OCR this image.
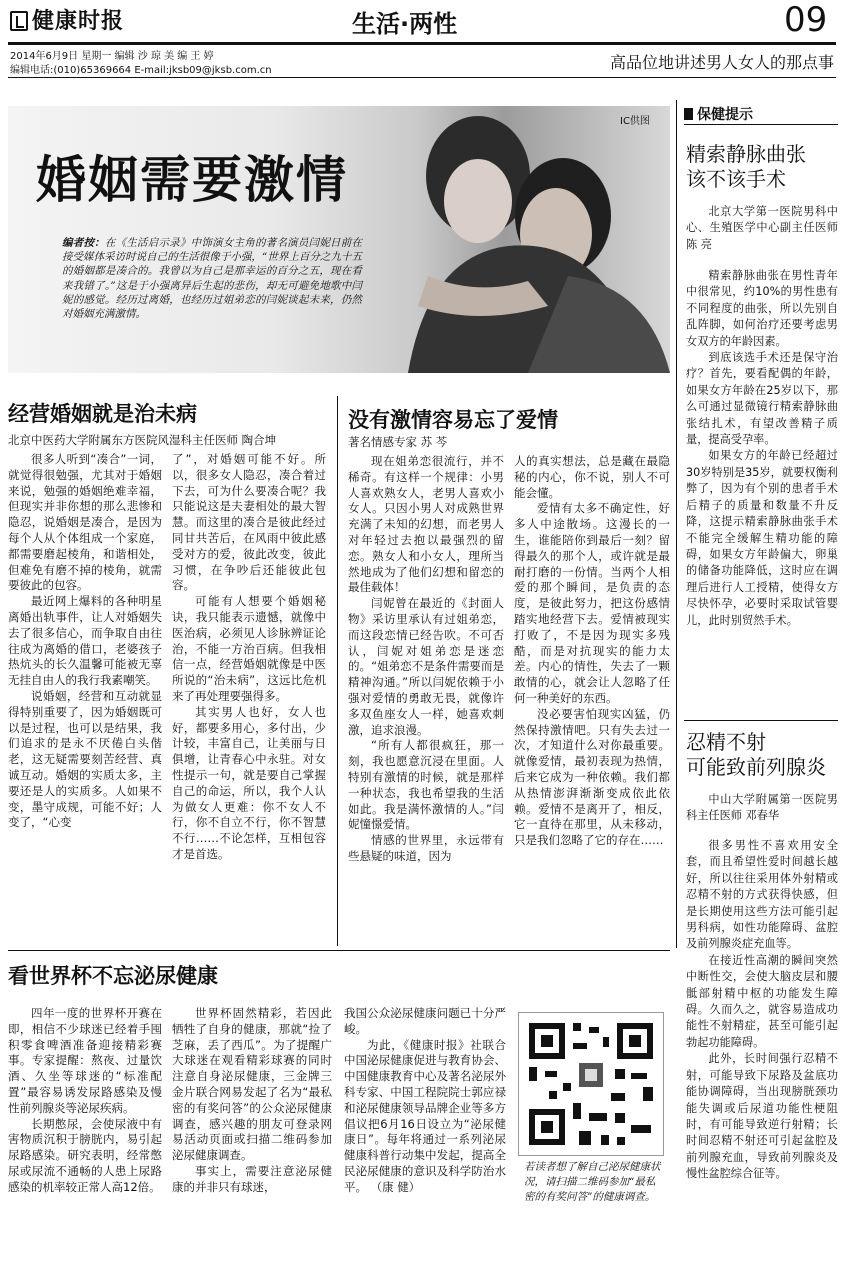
健康时报	生活·两性	09
2014年6月9日 星期一 编辑 沙 琼 美 编 王 婷
编辑电话:(010)65369664 E-mail:jksb09@jksb.com.cn	高品位地讲述男人女人的那点事
IC供图
婚姻需要激情
编者按：在《生活启示录》中饰演女主角的著名演员闫妮日前在接受媒体采访时说自己的生活很像于小强，“世界上百分之九十五的婚姻都是凑合的。我曾以为自己是那幸运的百分之五，现在看来我错了。”这是于小强离异后生起的悲伤，却无可避免地歌中闫妮的感觉。经历过离婚，也经历过姐弟恋的闫妮谈起未来，仍然对婚姻充满激情。
保健提示
精索静脉曲张
该不该手术

北京大学第一医院男科中心、生殖医学中心副主任医师 陈 亮

精索静脉曲张在男性青年中很常见，约10%的男性患有不同程度的曲张，所以先别自乱阵脚，如何治疗还要考虑男女双方的年龄因素。

到底该选手术还是保守治疗？首先，要看配偶的年龄，如果女方年龄在25岁以下，那么可通过显微镜行精索静脉曲张结扎术，有望改善精子质量，提高受孕率。

如果女方的年龄已经超过30岁特别是35岁，就要权衡利弊了，因为有个别的患者手术后精子的质量和数量不升反降，这提示精索静脉曲张手术不能完全缓解生精功能的障碍，如果女方年龄偏大，卵巢的储备功能降低，这时应在调理后进行人工授精，使得女方尽快怀孕，必要时采取试管婴儿，此时别贸然手术。

忍精不射
可能致前列腺炎

中山大学附属第一医院男科主任医师 邓春华

很多男性不喜欢用安全套，而且希望性爱时间越长越好，所以往往采用体外射精或忍精不射的方式获得快感，但是长期使用这些方法可能引起男科病，如性功能障碍、盆腔及前列腺炎症充血等。

在接近性高潮的瞬间突然中断性交，会使大脑皮层和腰骶部射精中枢的功能发生障碍。久而久之，就容易造成功能性不射精症，甚至可能引起勃起功能障碍。

此外，长时间强行忍精不射，可能导致下尿路及盆底功能协调障碍，当出现膀胱颈功能失调或后尿道功能性梗阻时，有可能导致逆行射精；长时间忍精不射还可引起盆腔及前列腺充血，导致前列腺炎及慢性盆腔综合征等。

经营婚姻就是治未病
北京中医药大学附属东方医院风湿科主任医师 陶合坤

很多人听到“凑合”一词，就觉得很勉强，尤其对于婚姻来说，勉强的婚姻绝难幸福，但现实并非你想的那么悲惨和隐忍，说婚姻是凑合，是因为每个人从个体组成一个家庭，都需要磨起棱角，和谐相处，但难免有磨不掉的棱角，就需要彼此的包容。

最近网上爆料的各种明星离婚出轨事件，让人对婚姻失去了很多信心，而争取自由往往成为离婚的借口，老婆孩子热炕头的长久温馨可能被无辜无挂自由人的我行我素嘲笑。

说婚姻，经营和互动就显得特别重要了，因为婚姻既可以是过程，也可以是结果，我们追求的是永不厌倦白头偕老，这无疑需要刻苦经营、真诚互动。婚姻的实质太多，主要还是人的实质多。人如果不变，墨守成规，可能不好；人变了，“心变

了”，对婚姻可能不好。所以，很多女人隐忍，凑合着过下去，可为什么要凑合呢？我只能说这是夫妻相处的最大智慧。而这里的凑合是彼此经过同甘共苦后，在风雨中彼此感受对方的爱，彼此改变，彼此习惯，在争吵后还能彼此包容。

可能有人想要个婚姻秘诀，我只能表示遗憾，就像中医治病，必须见人诊脉辨证论治，不能一方治百病。但我相信一点，经营婚姻就像是中医所说的“治未病”，这远比危机来了再处理要强得多。

其实男人也好，女人也好，都要多用心，多付出，少计较，丰富自己，让美丽与日俱增，让青春心中永驻。对女性提示一句，就是要自己掌握自己的命运，所以，我个人认为做女人更难：你不女人不行，你不自立不行，你不智慧不行……不论怎样，互相包容才是首选。

没有激情容易忘了爱情
著名情感专家 苏 芩

现在姐弟恋很流行，并不稀奇。有这样一个规律：小男人喜欢熟女人，老男人喜欢小女人。只因小男人对成熟世界充满了未知的幻想，而老男人对年轻过去抱以最强烈的留恋。熟女人和小女人，理所当然地成为了他们幻想和留恋的最佳载体！

闫妮曾在最近的《封面人物》采访里承认有过姐弟恋，而这段恋情已经告吹。不可否认，闫妮对姐弟恋是迷恋的。“姐弟恋不是条件需要而是精神沟通。”所以闫妮依赖于小强对爱情的勇敢无畏，就像许多双鱼座女人一样，她喜欢刺激，追求浪漫。

“所有人都很疯狂，那一刻，我也愿意沉浸在里面。人特别有激情的时候，就是那样一种状态，我也希望我的生活如此。我是满怀激情的人。”闫妮憧憬爱情。

情感的世界里，永远带有些悬疑的味道，因为

人的真实想法，总是藏在最隐秘的内心，你不说，别人不可能会懂。

爱情有太多不确定性，好多人中途散场。这漫长的一生，谁能陪你到最后一刻？留得最久的那个人，或许就是最耐打磨的一份情。当两个人相爱的那个瞬间，是负责的态度，是彼此努力，把这份感情踏实地经营下去。爱情被现实打败了，不是因为现实多残酷，而是对抗现实的能力太差。内心的情性，失去了一颗敢情的心，就会让人忽略了任何一种美好的东西。

没必要害怕现实凶猛，仍然保持激情吧。只有失去过一次，才知道什么对你最重要。就像爱情，最初表现为热情，后来它成为一种依赖。我们都从热情澎湃渐渐变成依此依赖。爱情不是离开了，相反，它一直待在那里，从未移动，只是我们忽略了它的存在……

看世界杯不忘泌尿健康

四年一度的世界杯开赛在即，相信不少球迷已经着手囤积零食啤酒准备迎接精彩赛事。专家提醒：熬夜、过量饮酒、久坐等球迷的“标准配置”最容易诱发尿路感染及慢性前列腺炎等泌尿疾病。

长期憋尿，会使尿液中有害物质沉积于膀胱内，易引起尿路感染。研究表明，经常憋尿或尿流不通畅的人患上尿路感染的机率较正常人高12倍。

世界杯固然精彩，若因此牺牲了自身的健康，那就“捡了芝麻，丢了西瓜”。为了提醒广大球迷在观看精彩球赛的同时注意自身泌尿健康，三金牌三金片联合网易发起了名为“最私密的有奖问答”的公众泌尿健康调查，感兴趣的朋友可登录网易活动页面或扫描二维码参加泌尿健康调查。

事实上，需要注意泌尿健康的并非只有球迷，

我国公众泌尿健康问题已十分严峻。

为此，《健康时报》社联合中国泌尿健康促进与教育协会、中国健康教育中心及著名泌尿外科专家、中国工程院院士郭应禄和泌尿健康领导品牌企业等多方倡议把6月16日设立为“泌尿健康日”。每年将通过一系列泌尿健康科普行动集中发起，提高全民泌尿健康的意识及科学防治水平。 （康 健）

若读者想了解自己泌尿健康状况，请扫描二维码参加“最私密的有奖问答”的健康调查。
